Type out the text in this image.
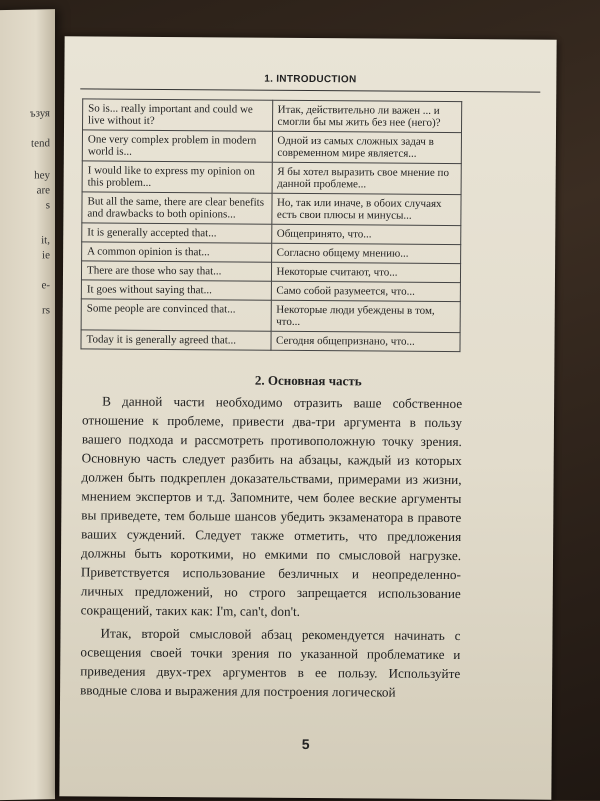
ъзуя
tend
hey
are
s
it,
ie
e-
rs
1. INTRODUCTION
So is... really important and could we live without it?	Итак, действительно ли важен ... и смогли бы мы жить без нее (него)?
One very complex problem in modern world is...	Одной из самых сложных задач в современном мире является...
I would like to express my opinion on this problem...	Я бы хотел выразить свое мнение по данной проблеме...
But all the same, there are clear benefits and drawbacks to both opinions...	Но, так или иначе, в обоих случаях есть свои плюсы и минусы...
It is generally accepted that...	Общепринято, что...
A common opinion is that...	Согласно общему мнению...
There are those who say that...	Некоторые считают, что...
It goes without saying that...	Само собой разумеется, что...
Some people are convinced that...	Некоторые люди убеждены в том, что...
Today it is generally agreed that...	Сегодня общепризнано, что...
2. Основная часть

В данной части необходимо отразить ваше собственное отношение к проблеме, привести два-три аргумента в пользу вашего подхода и рассмотреть противоположную точку зрения. Основную часть следует разбить на абзацы, каждый из которых должен быть подкреплен доказательствами, примерами из жизни, мнением экспертов и т.д. Запомните, чем более веские аргументы вы приведете, тем больше шансов убедить экзаменатора в правоте ваших суждений. Следует также отметить, что предложения должны быть короткими, но емкими по смысловой нагрузке. Приветствуется использование безличных и неопределенно-личных предложений, но строго запрещается использование сокращений, таких как: I'm, can't, don't.

Итак, второй смысловой абзац рекомендуется начинать с освещения своей точки зрения по указанной проблематике и приведения двух-трех аргументов в ее пользу. Используйте вводные слова и выражения для построения логической

5
